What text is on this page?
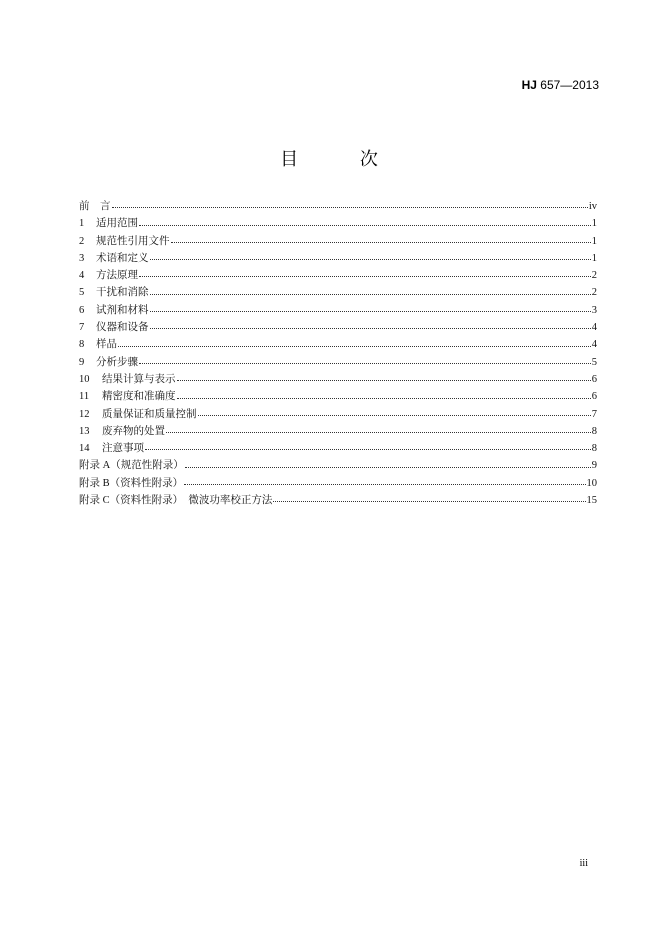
HJ 657—2013
目 次
前　言	iv
1	适用范围	1
2	规范性引用文件	1
3	术语和定义	1
4	方法原理	2
5	干扰和消除	2
6	试剂和材料	3
7	仪器和设备	4
8	样品	4
9	分析步骤	5
10	结果计算与表示	6
11	精密度和准确度	6
12	质量保证和质量控制	7
13	废弃物的处置	8
14	注意事项	8
附录 A（规范性附录）	9
附录 B（资料性附录）	10
附录 C（资料性附录）　微波功率校正方法	15
iii
